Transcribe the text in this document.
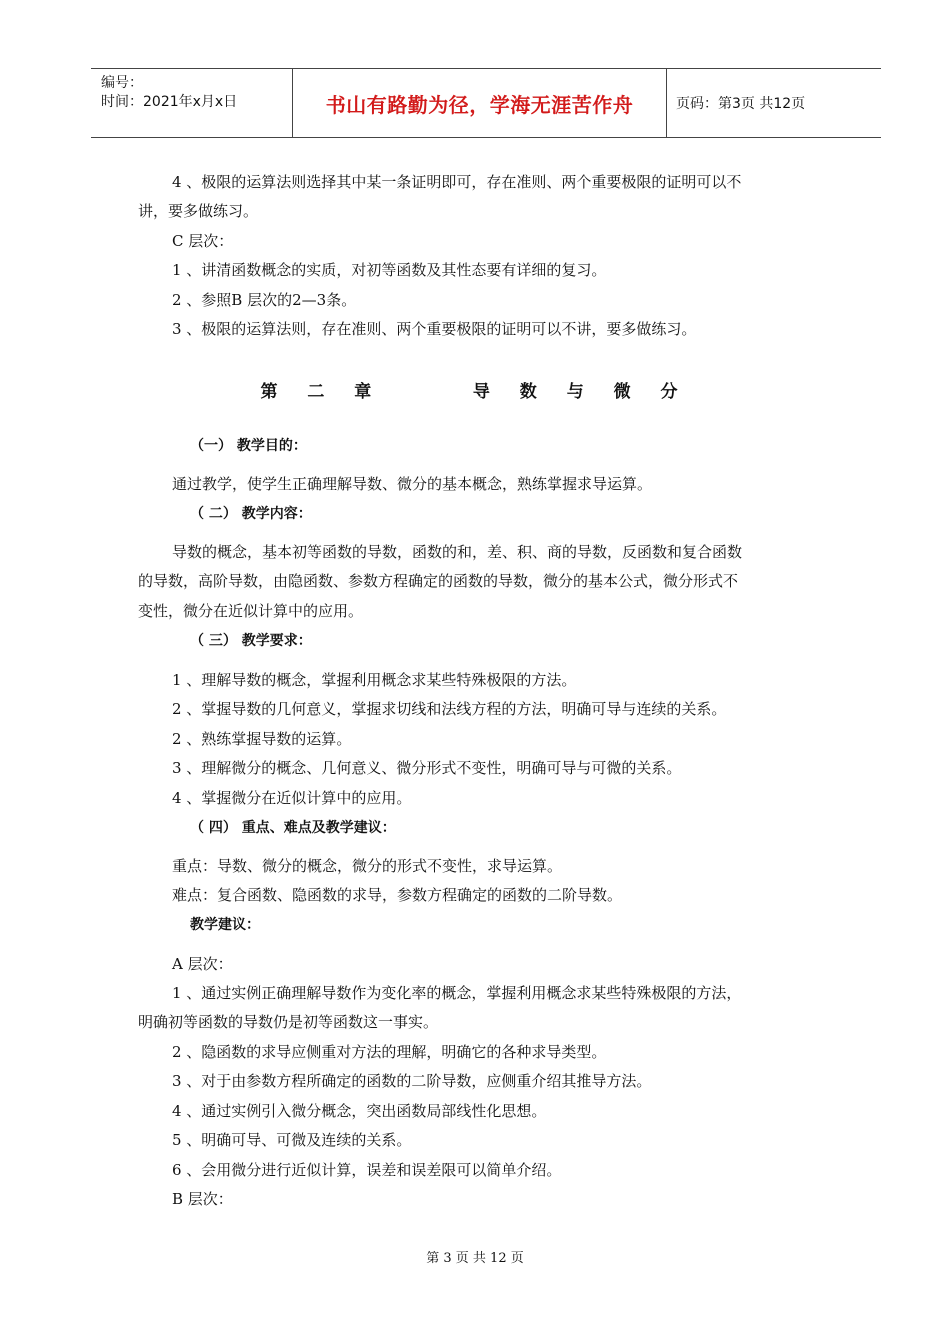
编号：
时间：2021年x月x日	书山有路勤为径，学海无涯苦作舟	页码：第3页 共12页
4 、极限的运算法则选择其中某一条证明即可，存在准则、两个重要极限的证明可以不
讲，要多做练习。
C 层次：
1 、讲清函数概念的实质，对初等函数及其性态要有详细的复习。
2 、参照B 层次的2—3条。
3 、极限的运算法则，存在准则、两个重要极限的证明可以不讲，要多做练习。
第 二 章     导 数 与 微 分
（一） 教学目的：
通过教学，使学生正确理解导数、微分的基本概念，熟练掌握求导运算。
（ 二） 教学内容：
导数的概念，基本初等函数的导数，函数的和，差、积、商的导数，反函数和复合函数
的导数，高阶导数，由隐函数、参数方程确定的函数的导数，微分的基本公式，微分形式不
变性，微分在近似计算中的应用。
（ 三） 教学要求：
1 、理解导数的概念，掌握利用概念求某些特殊极限的方法。
2 、掌握导数的几何意义，掌握求切线和法线方程的方法，明确可导与连续的关系。
2 、熟练掌握导数的运算。
3 、理解微分的概念、几何意义、微分形式不变性，明确可导与可微的关系。
4 、掌握微分在近似计算中的应用。
（ 四） 重点、难点及教学建议：
重点：导数、微分的概念，微分的形式不变性，求导运算。
难点：复合函数、隐函数的求导，参数方程确定的函数的二阶导数。
教学建议：
A 层次：
1 、通过实例正确理解导数作为变化率的概念，掌握利用概念求某些特殊极限的方法，
明确初等函数的导数仍是初等函数这一事实。
2 、隐函数的求导应侧重对方法的理解，明确它的各种求导类型。
3 、对于由参数方程所确定的函数的二阶导数，应侧重介绍其推导方法。
4 、通过实例引入微分概念，突出函数局部线性化思想。
5 、明确可导、可微及连续的关系。
6 、会用微分进行近似计算，误差和误差限可以简单介绍。
B 层次：
第 3 页 共 12 页
